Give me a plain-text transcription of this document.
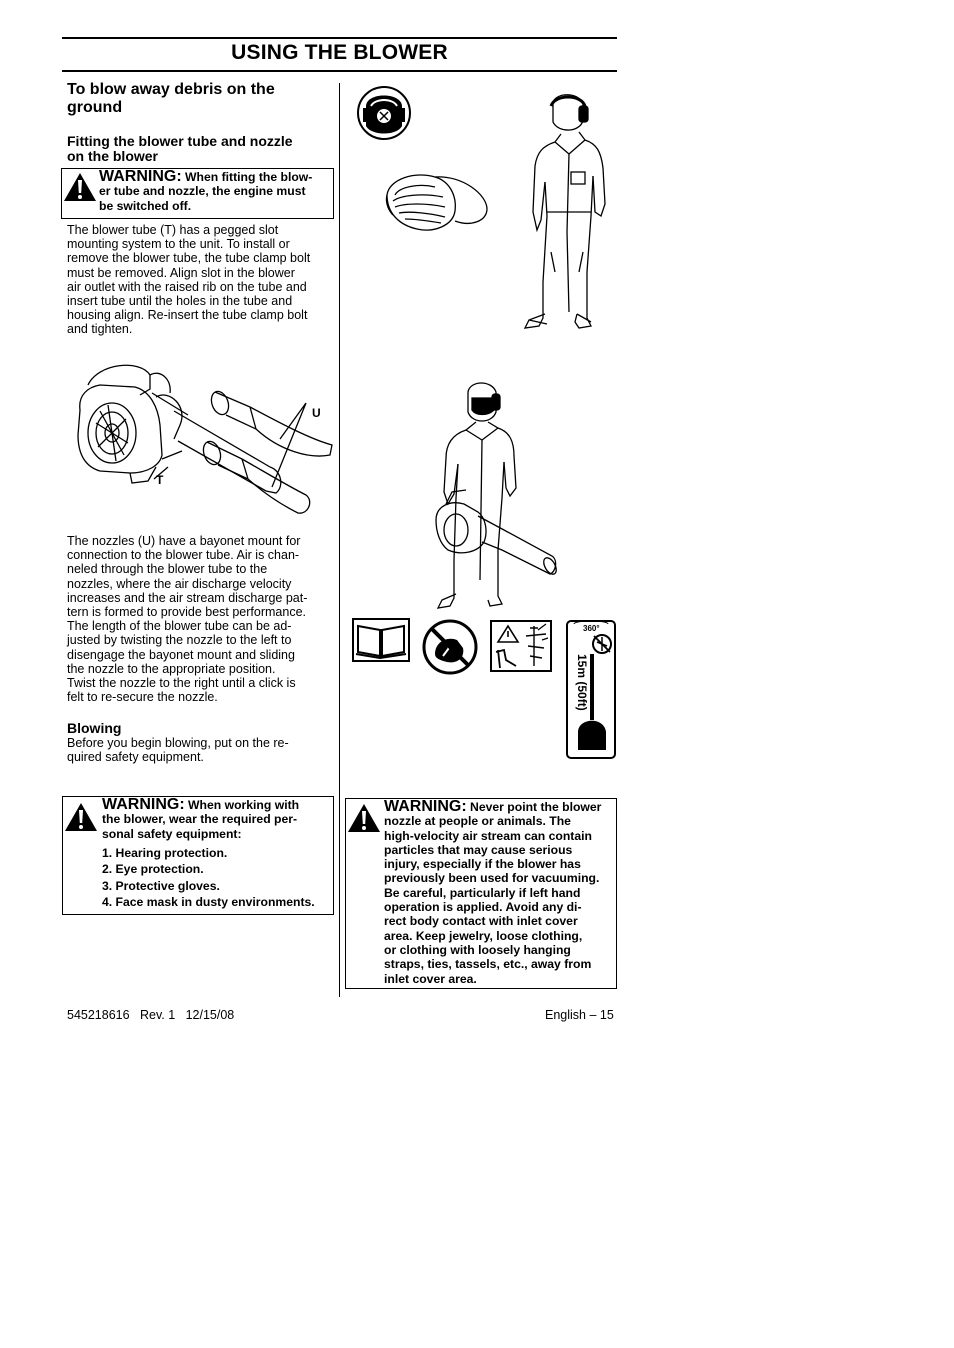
USING THE BLOWER
To blow away debris on the
ground
Fitting the blower tube and nozzle
on the blower
WARNING: When fitting the blow-
er tube and nozzle, the engine must
be switched off.
The blower tube (T) has a pegged slot
mounting system to the unit. To install or
remove the blower tube, the tube clamp bolt
must be removed. Align slot in the blower
air outlet with the raised rib on the tube and
insert tube until the holes in the tube and
housing align. Re-insert the tube clamp bolt
and tighten.
U
T
The nozzles (U) have a bayonet mount for
connection to the blower tube. Air is chan-
neled through the blower tube to the
nozzles, where the air discharge velocity
increases and the air stream discharge pat-
tern is formed to provide best performance.
The length of the blower tube can be ad-
justed by twisting the nozzle to the left to
disengage the bayonet mount and sliding
the nozzle to the appropriate position.
Twist the nozzle to the right until a click is
felt to re-secure the nozzle.
Blowing
Before you begin blowing, put on the re-
quired safety equipment.
WARNING: When working with
the blower, wear the required per-
sonal safety equipment:
1. Hearing protection.
2. Eye protection.
3. Protective gloves.
4. Face mask in dusty environments.
360°
15m (50ft)
WARNING: Never point the blower
nozzle at people or animals. The
high-velocity air stream can contain
particles that may cause serious
injury, especially if the blower has
previously been used for vacuuming.
Be careful, particularly if left hand
operation is applied. Avoid any di-
rect body contact with inlet cover
area. Keep jewelry, loose clothing,
or clothing with loosely hanging
straps, ties, tassels, etc., away from
inlet cover area.
545218616   Rev. 1   12/15/08	English – 15
